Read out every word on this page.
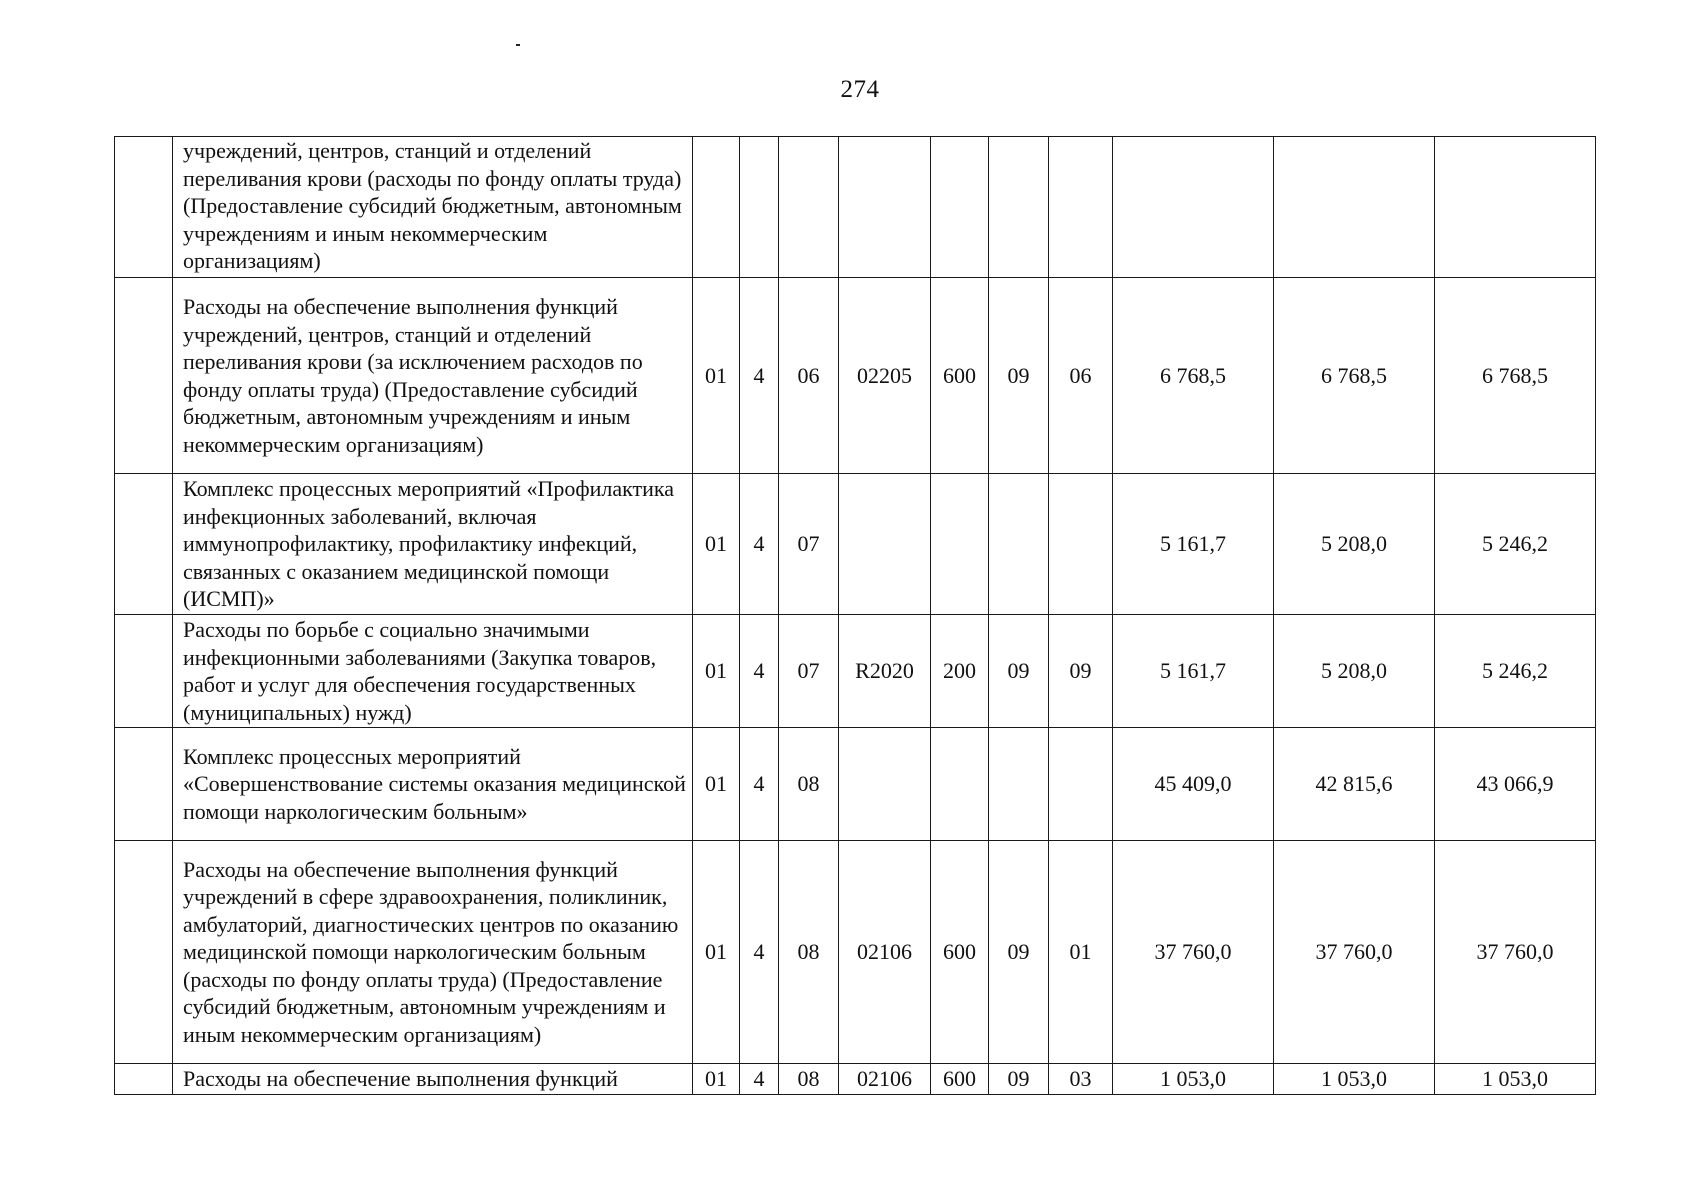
274
	учреждений, центров, станций и отделений переливания крови (расходы по фонду оплаты труда) (Предоставление субсидий бюджетным, автономным учреждениям и иным некоммерческим организациям)										
	Расходы на обеспечение выполнения функций учреждений, центров, станций и отделений переливания крови (за исключением расходов по фонду оплаты труда) (Предоставление субсидий бюджетным, автономным учреждениям и иным некоммерческим организациям)	01	4	06	02205	600	09	06	6 768,5	6 768,5	6 768,5
	Комплекс процессных мероприятий «Профилактика инфекционных заболеваний, включая иммунопрофилактику, профилактику инфекций, связанных с оказанием медицинской помощи (ИСМП)»	01	4	07					5 161,7	5 208,0	5 246,2
	Расходы по борьбе с социально значимыми инфекционными заболеваниями (Закупка товаров, работ и услуг для обеспечения государственных (муниципальных) нужд)	01	4	07	R2020	200	09	09	5 161,7	5 208,0	5 246,2
	Комплекс процессных мероприятий «Совершенствование системы оказания медицинской помощи наркологическим больным»	01	4	08					45 409,0	42 815,6	43 066,9
	Расходы на обеспечение выполнения функций учреждений в сфере здравоохранения, поликлиник, амбулаторий, диагностических центров по оказанию медицинской помощи наркологическим больным (расходы по фонду оплаты труда) (Предоставление субсидий бюджетным, автономным учреждениям и иным некоммерческим организациям)	01	4	08	02106	600	09	01	37 760,0	37 760,0	37 760,0
	Расходы на обеспечение выполнения функций	01	4	08	02106	600	09	03	1 053,0	1 053,0	1 053,0
